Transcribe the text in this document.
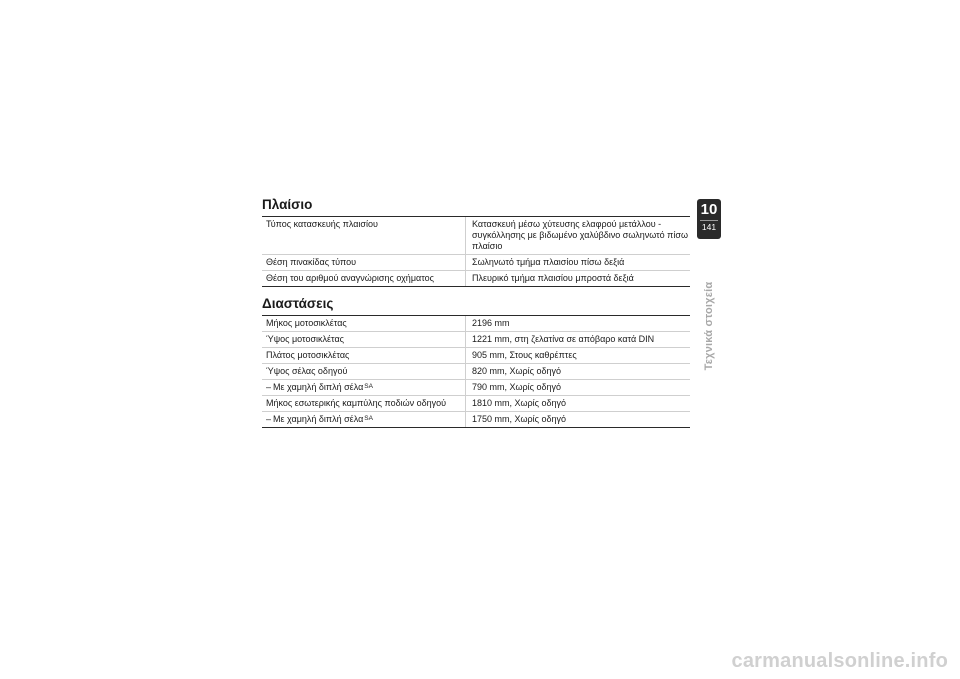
Πλαίσιο
Τύπος κατασκευής πλαισίου	Κατασκευή μέσω χύτευσης ελαφρού μετάλλου - συγκόλλησης με βιδωμένο χαλύβδινο σωληνωτό πίσω πλαίσιο
Θέση πινακίδας τύπου	Σωληνωτό τμήμα πλαισίου πίσω δεξιά
Θέση του αριθμού αναγνώρισης οχήματος	Πλευρικό τμήμα πλαισίου μπροστά δεξιά
Διαστάσεις
Μήκος μοτοσικλέτας	2196 mm
Ύψος μοτοσικλέτας	1221 mm, στη ζελατίνα σε απόβαρο κατά DIN
Πλάτος μοτοσικλέτας	905 mm, Στους καθρέπτες
Ύψος σέλας οδηγού	820 mm, Χωρίς οδηγό
– Με χαμηλή διπλή σέλα$^{SA}$	790 mm, Χωρίς οδηγό
Μήκος εσωτερικής καμπύλης ποδιών οδηγού	1810 mm, Χωρίς οδηγό
– Με χαμηλή διπλή σέλα$^{SA}$	1750 mm, Χωρίς οδηγό
10
141
Τεχνικά στοιχεία
carmanualsonline.info
